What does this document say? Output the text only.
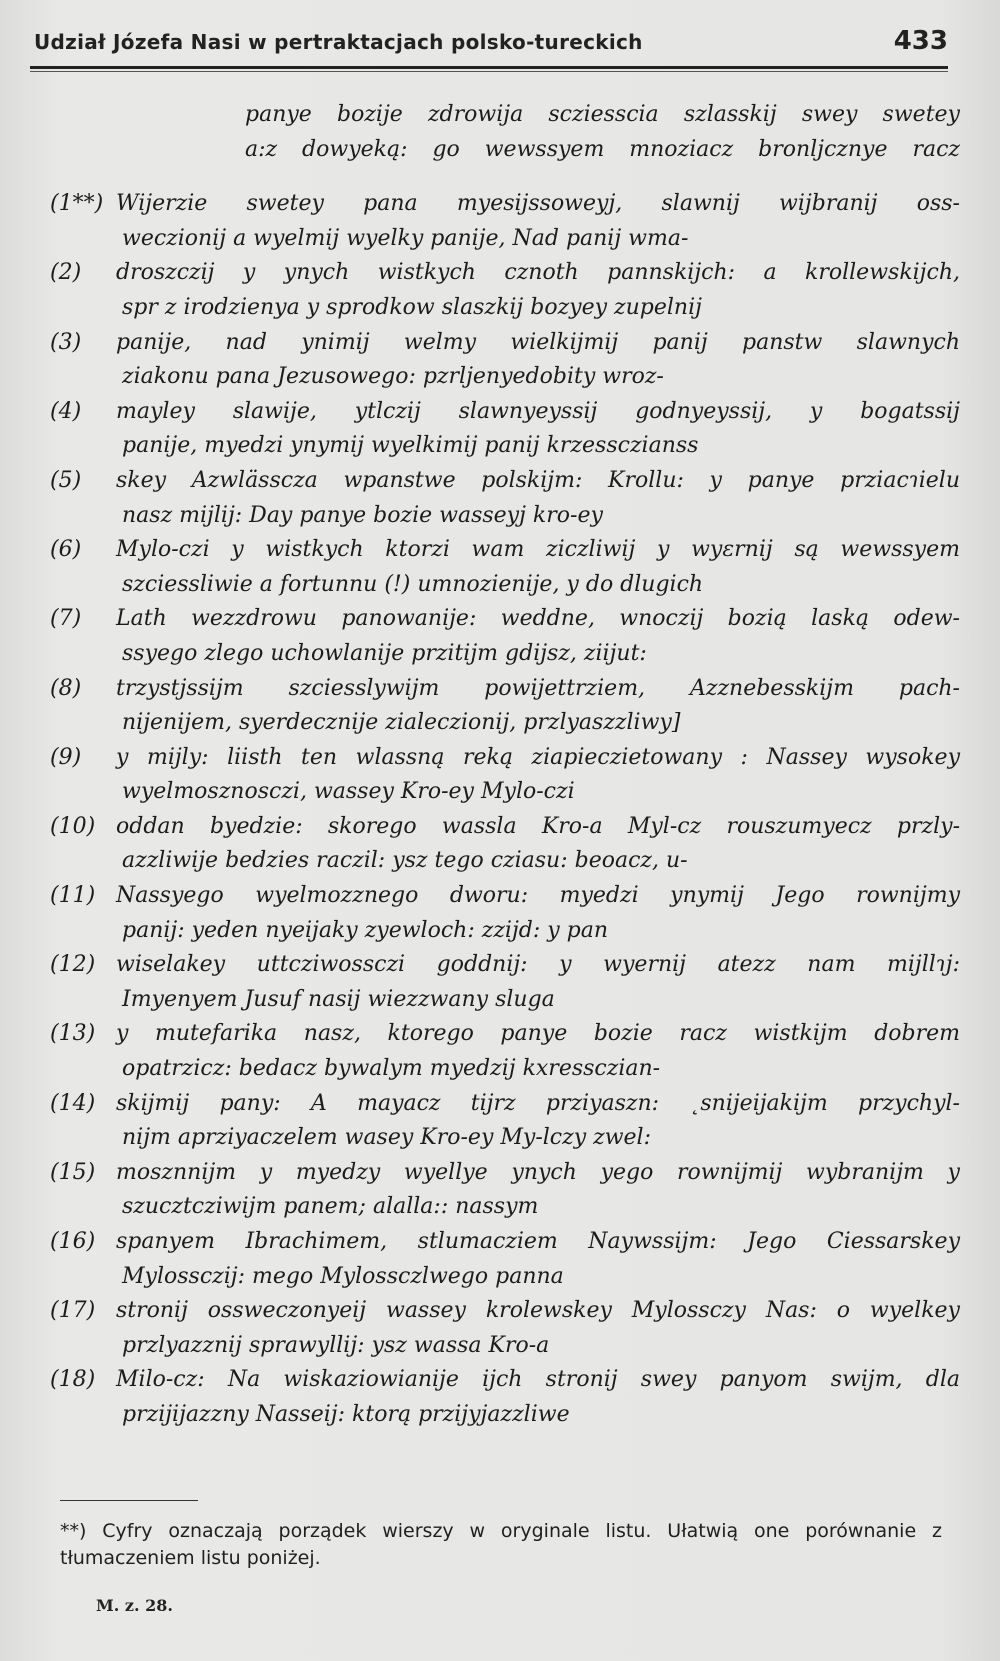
Udział Józefa Nasi w pertraktacjach polsko-tureckich	433
panye bozije zdrowija scziesscia szlasskij swey swetey
a:z dowyeką: go wewssyem mnoziacz bronljcznye racz
(1**) Wijerzie swetey pana myesijssoweyj, slawnij wijbranij oss-
weczionij a wyelmij wyelky panije, Nad panij wma-
(2)	droszczij y ynych wistkych cznoth pannskijch: a krollewskijch,
spr z irodzienya y sprodkow slaszkij bozyey zupelnij
(3)	panije, nad ynimij welmy wielkijmij panij panstw slawnych
ziakonu pana Jezusowego: pzrljenyedobity wroz-
(4)	mayley slawije, ytlczij slawnyeyssij godnyeyssij, y bogatssij
panije, myedzi ynymij wyelkimij panij krzessczianss
(5)	skey Azwlässcza wpanstwe polskijm: Krollu: y panye prziacɿielu
nasz mijlij: Day panye bozie wasseyj kro-ey
(6)	Mylo-czi y wistkych ktorzi wam ziczliwij y wyɛrnij są wewssyem
szciessliwie a fortunnu (!) umnozienije, y do dlugich
(7)	Lath wezzdrowu panowanije: weddne, wnoczij bozią laską odew-
ssyego zlego uchowlanije przitijm gdijsz, ziijut:
(8)	trzystjssijm szciesslywijm powijettrziem, Azznebesskijm pach-
nijenijem, syerdecznije zialeczionij, przlyaszzliwy]
(9)	y mijly: liisth ten wlassną reką ziapieczietowany : Nassey wysokey
wyelmosznosczi, wassey Kro-ey Mylo-czi
(10) oddan byedzie: skorego wassla Kro-a Myl-cz rouszumyecz przly-
azzliwije bedzies raczil: ysz tego cziasu: beoacz, u-
(11) Nassyego wyelmozznego dworu: myedzi ynymij Jego rownijmy
panij: yeden nyeijaky zyewloch: zzijd: y pan
(12) wiselakey uttcziwossczi goddnij: y wyernij atezz nam mijllɿj:
Imyenyem Jusuf nasij wiezzwany sluga
(13) y mutefarika nasz, ktorego panye bozie racz wistkijm dobrem
opatrzicz: bedacz bywalym myedzij kxressczian-
(14) skijmij pany: A mayacz tijrz prziyaszn: ˛snijeijakijm przychyl-
nijm aprziyaczelem wasey Kro-ey My-lczy zwel:
(15) mosznnijm y myedzy wyellye ynych yego rownijmij wybranijm y
szucztcziwijm panem; alalla:: nassym
(16) spanyem Ibrachimem, stlumacziem Naywssijm: Jego Ciessarskey
Mylossczij: mego Mylossczlwego panna
(17) stronij ossweczonyeij wassey krolewskey Mylossczy Nas: o wyelkey
przlyazznij sprawyllij: ysz wassa Kro-a
(18) Milo-cz: Na wiskaziowianije ijch stronij swey panyom swijm, dla
przijijazzny Nasseij: ktorą przijyjazzliwe
**) Cyfry oznaczają porządek wierszy w oryginale listu. Ułatwią one porównanie z tłumaczeniem listu poniżej.
M. z. 28.
